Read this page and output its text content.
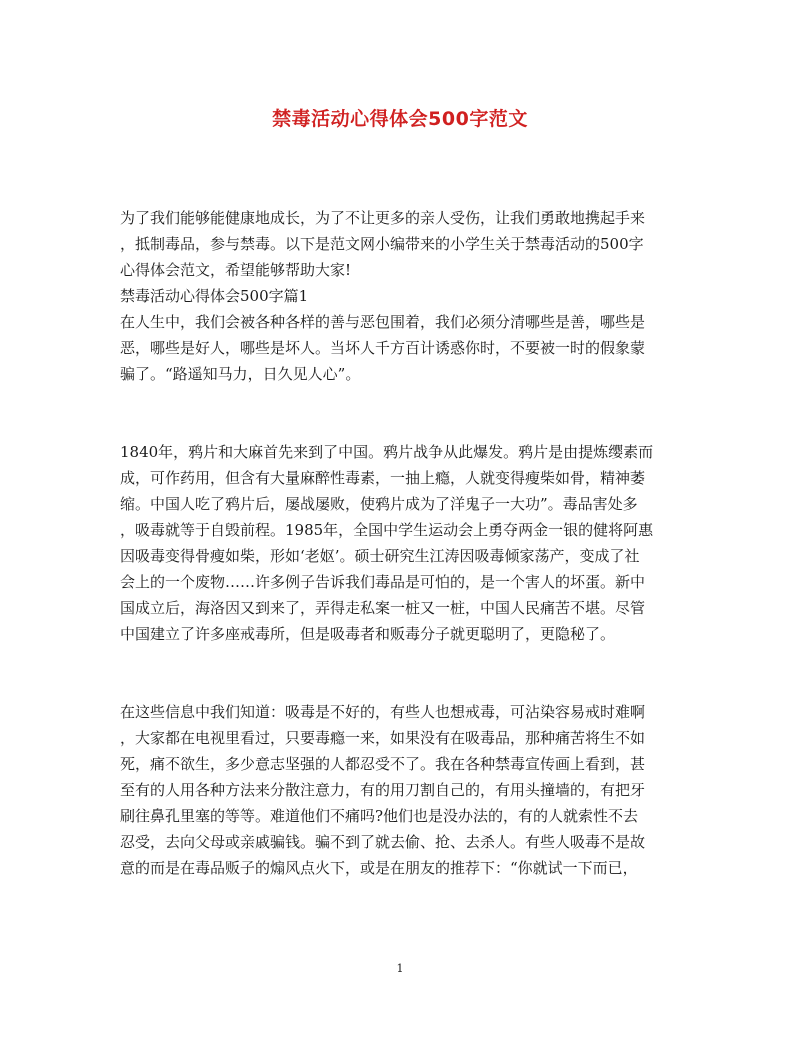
禁毒活动心得体会500字范文
为了我们能够能健康地成长，为了不让更多的亲人受伤，让我们勇敢地携起手来
，抵制毒品，参与禁毒。以下是范文网小编带来的小学生关于禁毒活动的500字
心得体会范文，希望能够帮助大家!
禁毒活动心得体会500字篇1
在人生中，我们会被各种各样的善与恶包围着，我们必须分清哪些是善，哪些是
恶，哪些是好人，哪些是坏人。当坏人千方百计诱惑你时，不要被一时的假象蒙
骗了。“路遥知马力，日久见人心”。
1840年，鸦片和大麻首先来到了中国。鸦片战争从此爆发。鸦片是由提炼缨素而
成，可作药用，但含有大量麻醉性毒素，一抽上瘾，人就变得瘦柴如骨，精神萎
缩。中国人吃了鸦片后，屡战屡败，使鸦片成为了洋鬼子一大功”。毒品害处多
，吸毒就等于自毁前程。1985年，全国中学生运动会上勇夺两金一银的健将阿惠
因吸毒变得骨瘦如柴，形如‘老妪’。硕士研究生江涛因吸毒倾家荡产，变成了社
会上的一个废物……许多例子告诉我们毒品是可怕的，是一个害人的坏蛋。新中
国成立后，海洛因又到来了，弄得走私案一桩又一桩，中国人民痛苦不堪。尽管
中国建立了许多座戒毒所，但是吸毒者和贩毒分子就更聪明了，更隐秘了。
在这些信息中我们知道：吸毒是不好的，有些人也想戒毒，可沾染容易戒时难啊
，大家都在电视里看过，只要毒瘾一来，如果没有在吸毒品，那种痛苦将生不如
死，痛不欲生，多少意志坚强的人都忍受不了。我在各种禁毒宣传画上看到，甚
至有的人用各种方法来分散注意力，有的用刀割自己的，有用头撞墙的，有把牙
刷往鼻孔里塞的等等。难道他们不痛吗?他们也是没办法的，有的人就索性不去
忍受，去向父母或亲戚骗钱。骗不到了就去偷、抢、去杀人。有些人吸毒不是故
意的而是在毒品贩子的煽风点火下，或是在朋友的推荐下：“你就试一下而已，
1
